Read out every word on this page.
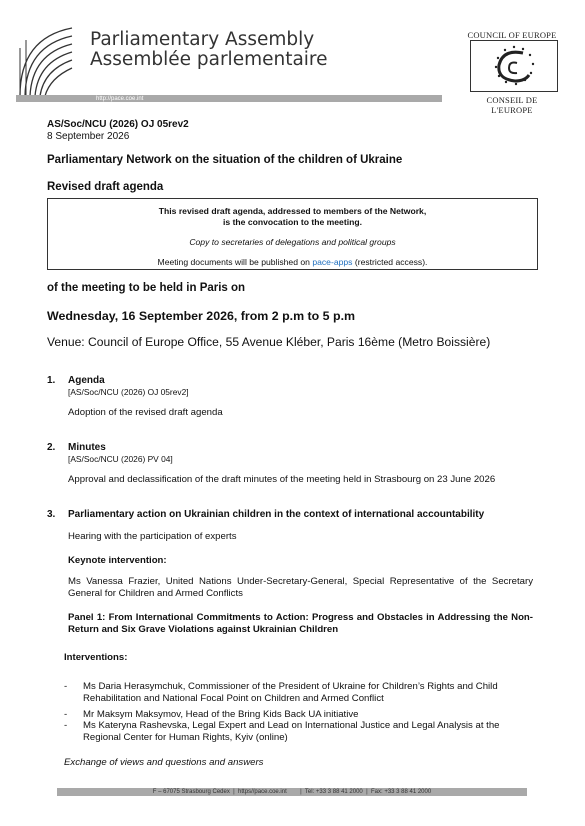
Parliamentary Assembly
Assemblée parlementaire
http://pace.coe.int
COUNCIL OF EUROPE
CONSEIL DE L'EUROPE
AS/Soc/NCU (2026) OJ 05rev2
8 September 2026
Parliamentary Network on the situation of the children of Ukraine
Revised draft agenda
This revised draft agenda, addressed to members of the Network,
is the convocation to the meeting.
Copy to secretaries of delegations and political groups
Meeting documents will be published on pace-apps (restricted access).
of the meeting to be held in Paris on
Wednesday, 16 September 2026, from 2 p.m to 5 p.m
Venue: Council of Europe Office, 55 Avenue Kléber, Paris 16ème (Metro Boissière)
1. Agenda
[AS/Soc/NCU (2026) OJ 05rev2]
Adoption of the revised draft agenda
2. Minutes
[AS/Soc/NCU (2026) PV 04]
Approval and declassification of the draft minutes of the meeting held in Strasbourg on 23 June 2026
3. Parliamentary action on Ukrainian children in the context of international accountability
Hearing with the participation of experts
Keynote intervention:
Ms Vanessa Frazier, United Nations Under-Secretary-General, Special Representative of the Secretary General for Children and Armed Conflicts
Panel 1: From International Commitments to Action: Progress and Obstacles in Addressing the Non-Return and Six Grave Violations against Ukrainian Children
Interventions:
- Ms Daria Herasymchuk, Commissioner of the President of Ukraine for Children’s Rights and Child Rehabilitation and National Focal Point on Children and Armed Conflict
- Mr Maksym Maksymov, Head of the Bring Kids Back UA initiative
- Ms Kateryna Rashevska, Legal Expert and Lead on International Justice and Legal Analysis at the Regional Center for Human Rights, Kyiv (online)
Exchange of views and questions and answers
F – 67075 Strasbourg Cedex  |  https//pace.coe.int        |  Tel: +33 3 88 41 2000  |  Fax: +33 3 88 41 2000
